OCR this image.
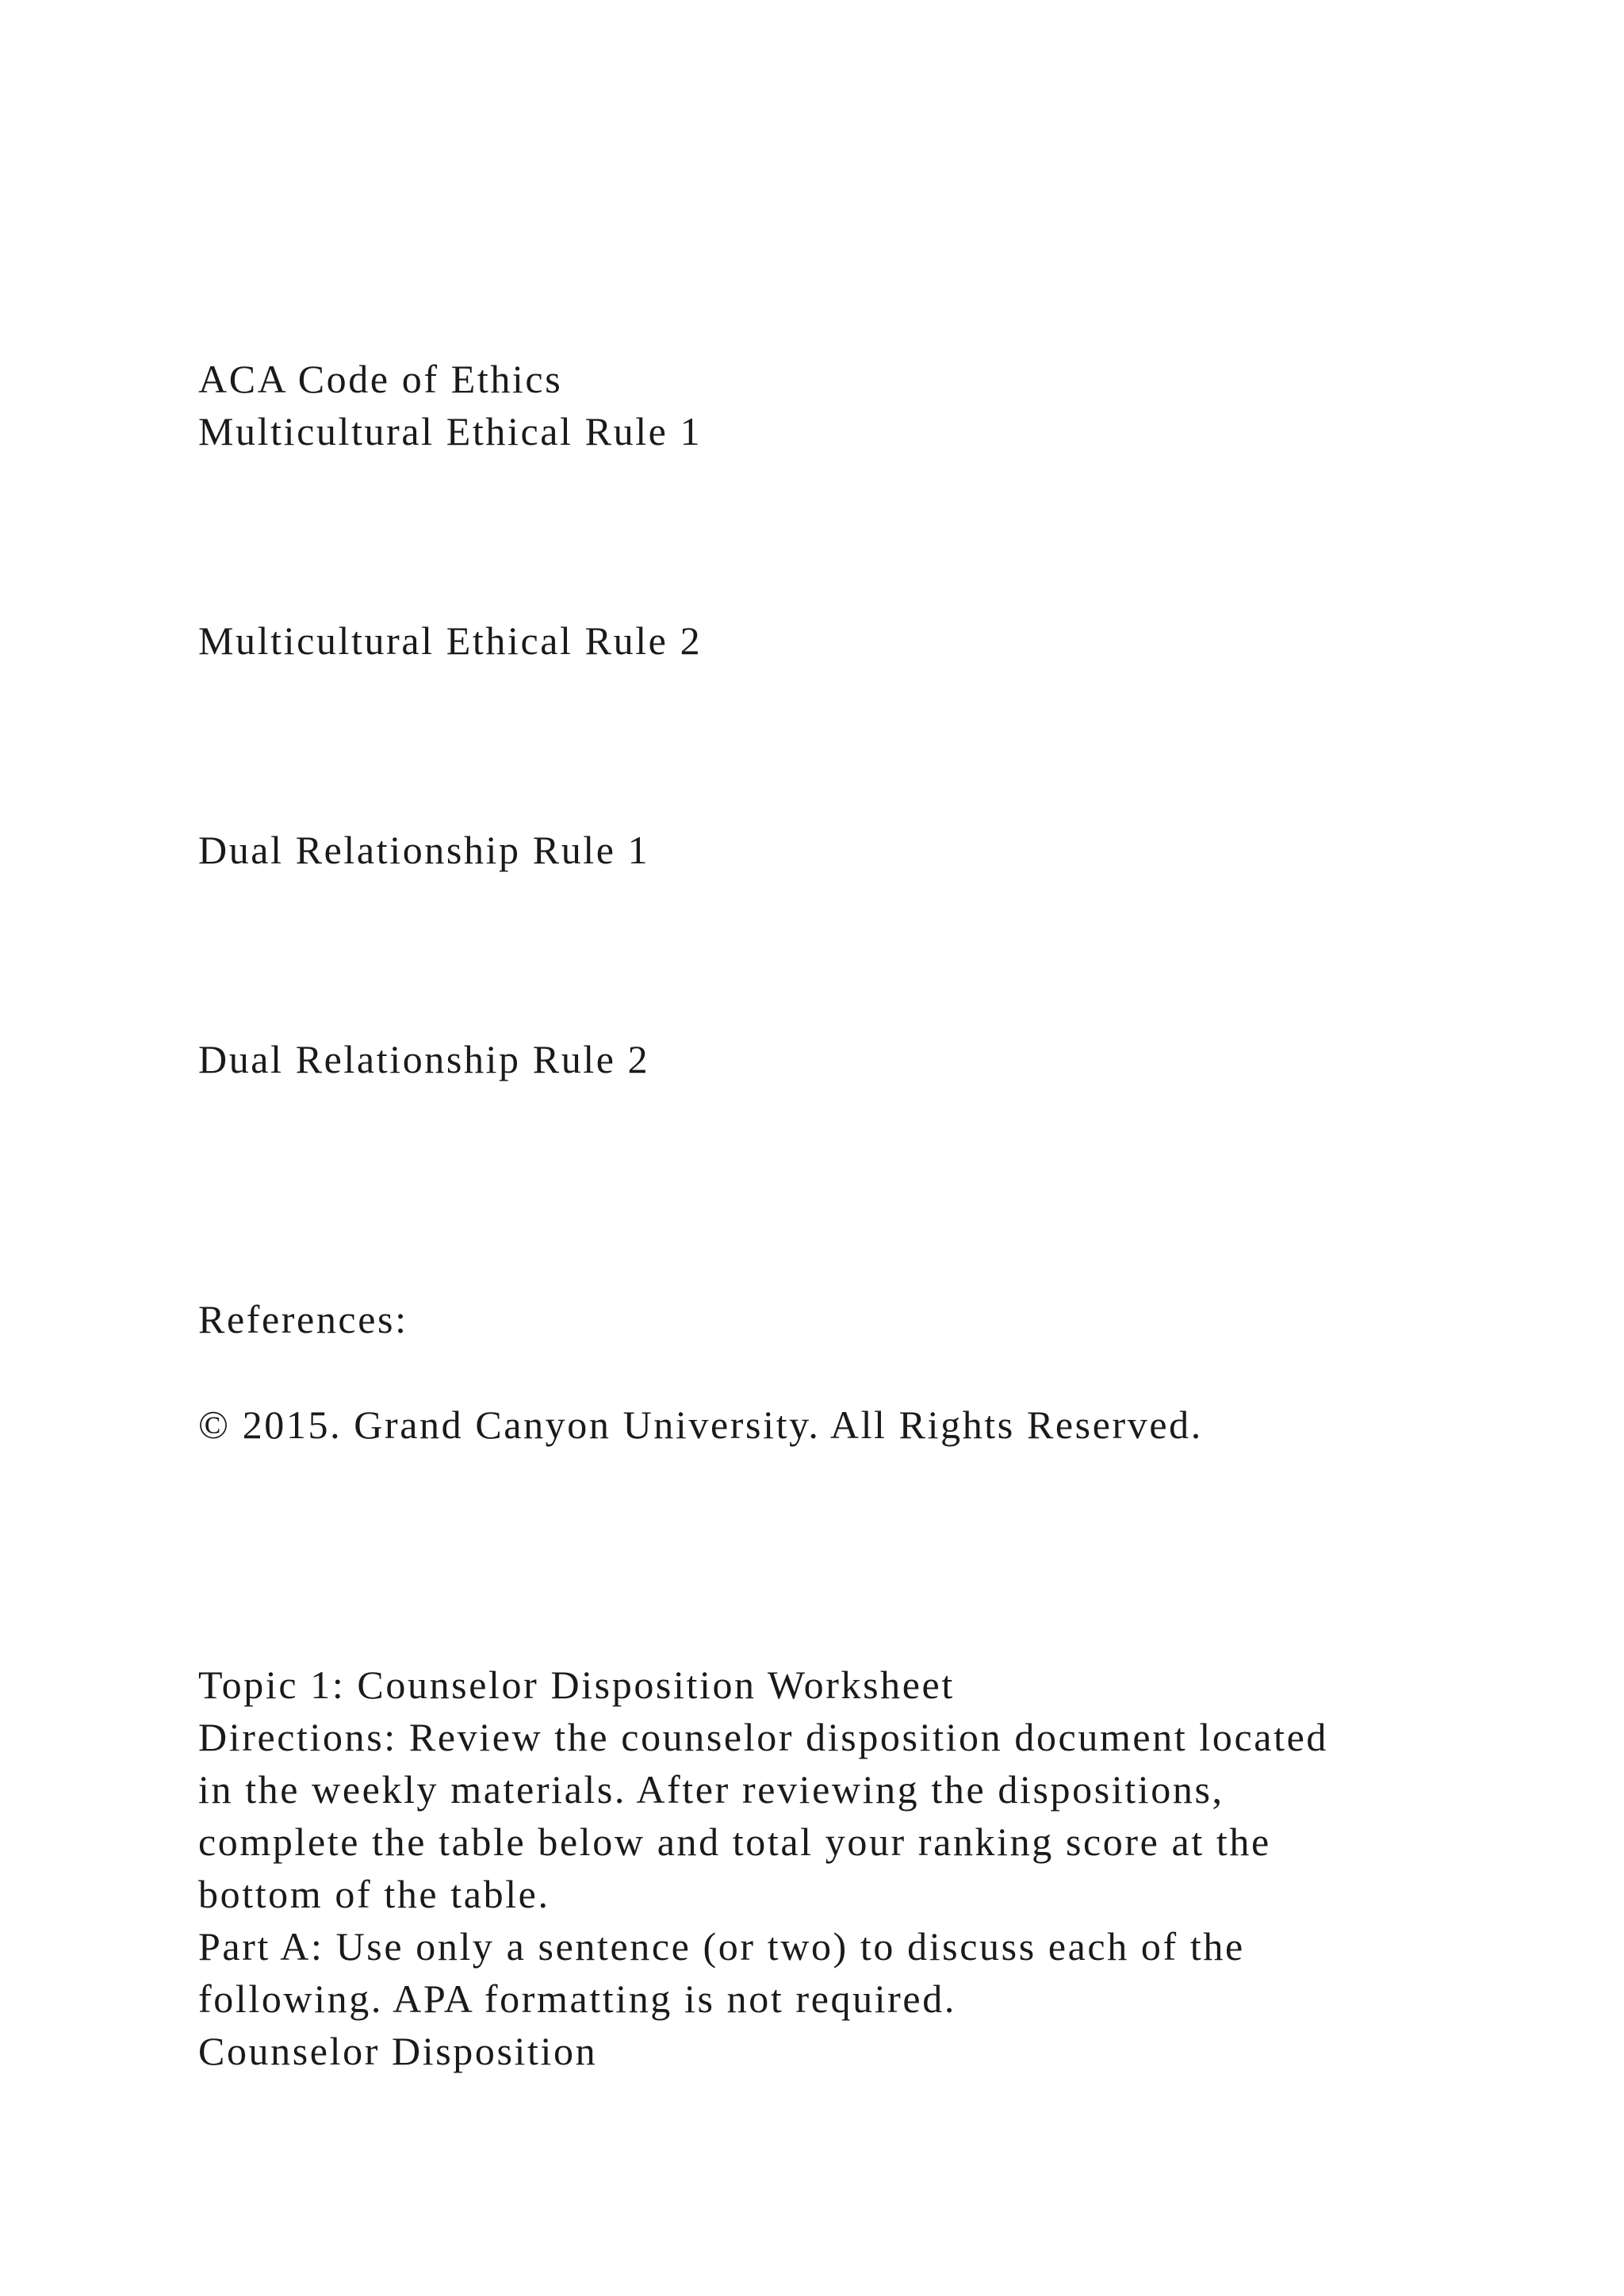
ACA Code of Ethics

Multicultural Ethical Rule 1

Multicultural Ethical Rule 2

Dual Relationship Rule 1

Dual Relationship Rule 2

References:

© 2015. Grand Canyon University. All Rights Reserved.

Topic 1: Counselor Disposition Worksheet

Directions: Review the counselor disposition document located

in the weekly materials. After reviewing the dispositions,

complete the table below and total your ranking score at the

bottom of the table.

Part A: Use only a sentence (or two) to discuss each of the

following. APA formatting is not required.

Counselor Disposition
